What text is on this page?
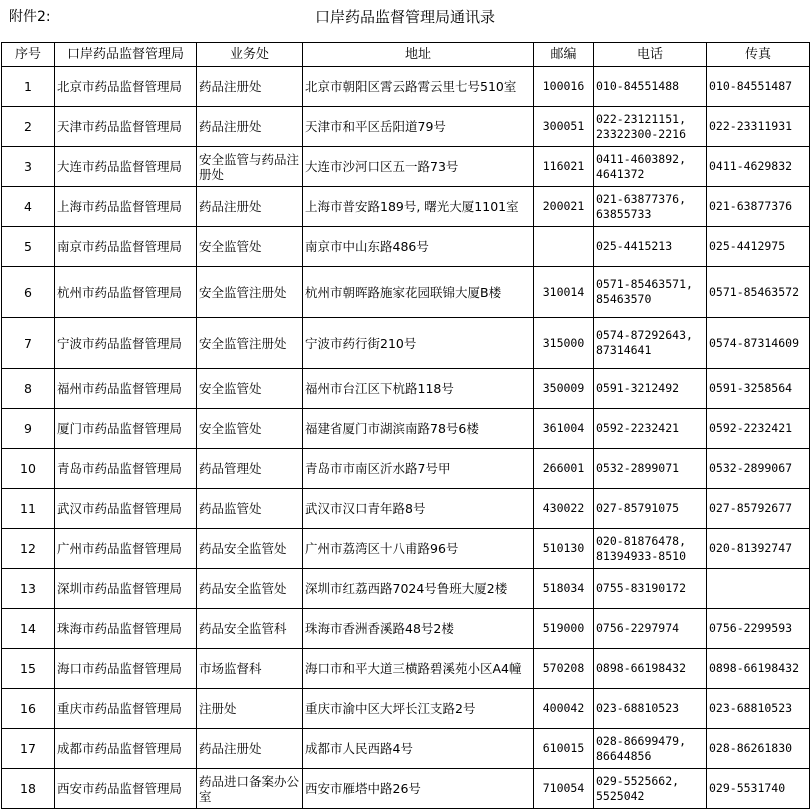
附件2:	口岸药品监督管理局通讯录
序号	口岸药品监督管理局	业务处	地址	邮编	电话	传真
1	北京市药品监督管理局	药品注册处	北京市朝阳区霄云路霄云里七号510室	100016	010-84551488	010-84551487
2	天津市药品监督管理局	药品注册处	天津市和平区岳阳道79号	300051	022-23121151, 23322300-2216	022-23311931
3	大连市药品监督管理局	安全监管与药品注册处	大连市沙河口区五一路73号	116021	0411-4603892, 4641372	0411-4629832
4	上海市药品监督管理局	药品注册处	上海市普安路189号, 曙光大厦1101室	200021	021-63877376, 63855733	021-63877376
5	南京市药品监督管理局	安全监管处	南京市中山东路486号		025-4415213	025-4412975
6	杭州市药品监督管理局	安全监管注册处	杭州市朝晖路施家花园联锦大厦B楼	310014	0571-85463571, 85463570	0571-85463572
7	宁波市药品监督管理局	安全监管注册处	宁波市药行街210号	315000	0574-87292643, 87314641	0574-87314609
8	福州市药品监督管理局	安全监管处	福州市台江区下杭路118号	350009	0591-3212492	0591-3258564
9	厦门市药品监督管理局	安全监管处	福建省厦门市湖滨南路78号6楼	361004	0592-2232421	0592-2232421
10	青岛市药品监督管理局	药品管理处	青岛市市南区沂水路7号甲	266001	0532-2899071	0532-2899067
11	武汉市药品监督管理局	药品监管处	武汉市汉口青年路8号	430022	027-85791075	027-85792677
12	广州市药品监督管理局	药品安全监管处	广州市荔湾区十八甫路96号	510130	020-81876478, 81394933-8510	020-81392747
13	深圳市药品监督管理局	药品安全监管处	深圳市红荔西路7024号鲁班大厦2楼	518034	0755-83190172	
14	珠海市药品监督管理局	药品安全监管科	珠海市香洲香溪路48号2楼	519000	0756-2297974	0756-2299593
15	海口市药品监督管理局	市场监督科	海口市和平大道三横路碧溪苑小区A4幢	570208	0898-66198432	0898-66198432
16	重庆市药品监督管理局	注册处	重庆市渝中区大坪长江支路2号	400042	023-68810523	023-68810523
17	成都市药品监督管理局	药品注册处	成都市人民西路4号	610015	028-86699479, 86644856	028-86261830
18	西安市药品监督管理局	药品进口备案办公室	西安市雁塔中路26号	710054	029-5525662, 5525042	029-5531740
